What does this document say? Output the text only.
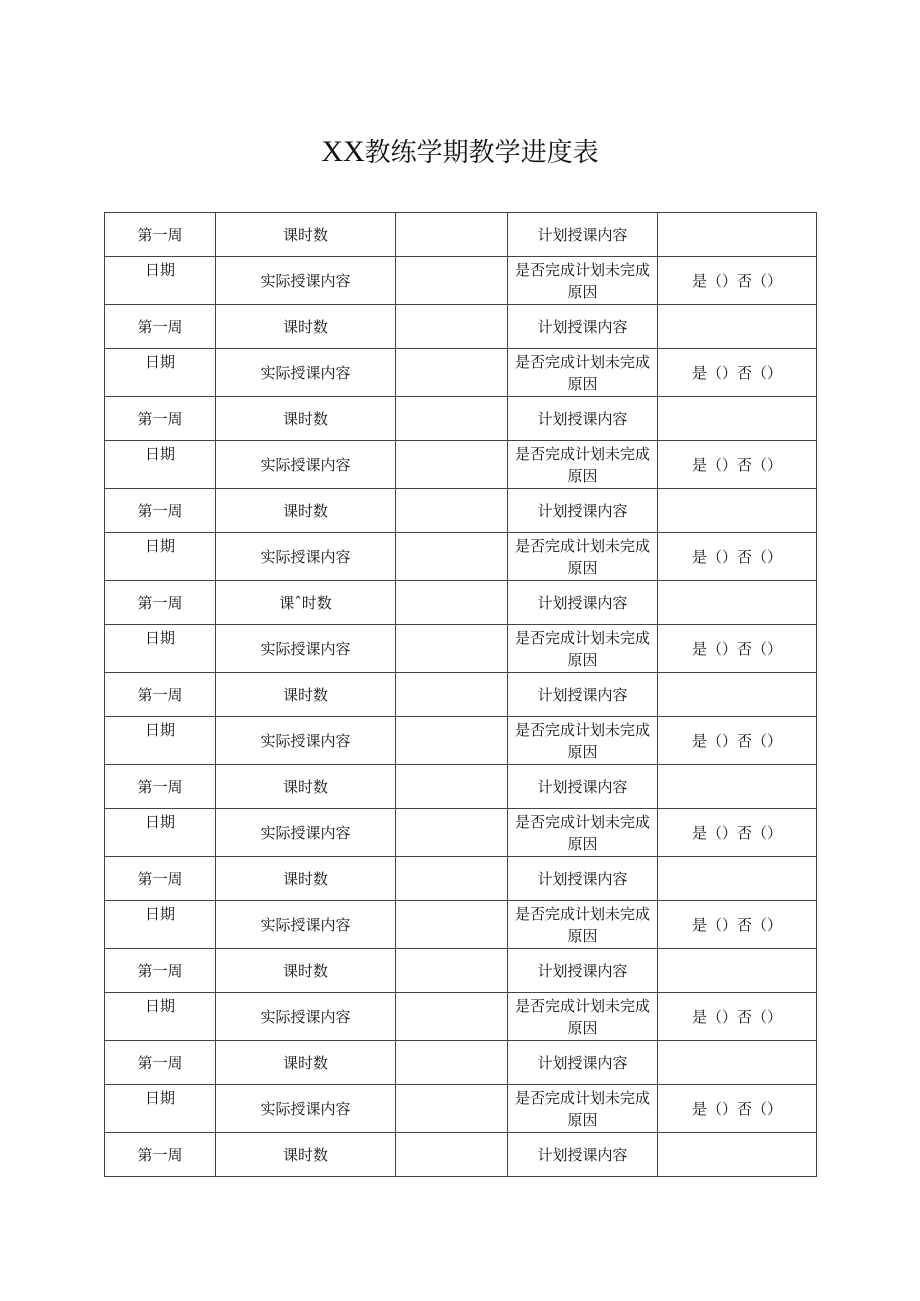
XX教练学期教学进度表
第一周	课时数		计划授课内容	
日期	实际授课内容		是否完成计划未完成原因	是（）否（）
第一周	课时数		计划授课内容	
日期	实际授课内容		是否完成计划未完成原因	是（）否（）
第一周	课时数		计划授课内容	
日期	实际授课内容		是否完成计划未完成原因	是（）否（）
第一周	课时数		计划授课内容	
日期	实际授课内容		是否完成计划未完成原因	是（）否（）
第一周	课ˆ时数		计划授课内容	
日期	实际授课内容		是否完成计划未完成原因	是（）否（）
第一周	课时数		计划授课内容	
日期	实际授课内容		是否完成计划未完成原因	是（）否（）
第一周	课时数		计划授课内容	
日期	实际授课内容		是否完成计划未完成原因	是（）否（）
第一周	课时数		计划授课内容	
日期	实际授课内容		是否完成计划未完成原因	是（）否（）
第一周	课时数		计划授课内容	
日期	实际授课内容		是否完成计划未完成原因	是（）否（）
第一周	课时数		计划授课内容	
日期	实际授课内容		是否完成计划未完成原因	是（）否（）
第一周	课时数		计划授课内容	
